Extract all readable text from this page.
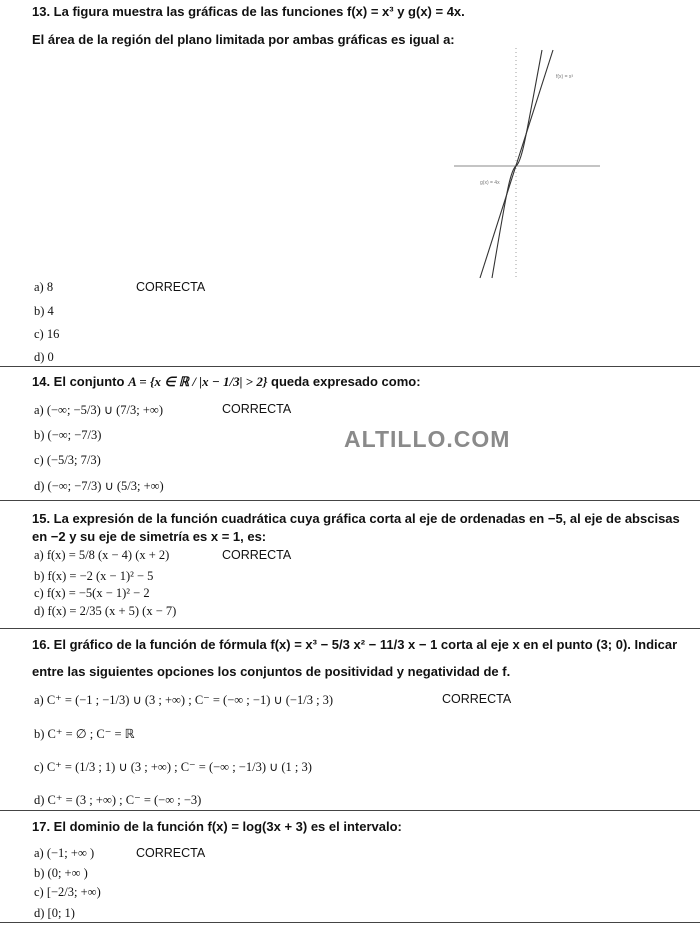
13. La figura muestra las gráficas de las funciones f(x) = x³ y g(x) = 4x.
El área de la región del plano limitada por ambas gráficas es igual a:
f(x) = x³
g(x) = 4x
a) 8	CORRECTA
b) 4
c) 16
d) 0
14. El conjunto A = {x ∈ ℝ / |x − 1/3| > 2} queda expresado como:
a) (−∞; −5/3) ∪ (7/3; +∞)	CORRECTA
b) (−∞; −7/3)
c) (−5/3; 7/3)
d) (−∞; −7/3) ∪ (5/3; +∞)
ALTILLO.COM
15. La expresión de la función cuadrática cuya gráfica corta al eje de ordenadas en −5, al eje de abscisas
en −2 y su eje de simetría es x = 1, es:
a) f(x) = 5/8 (x − 4) (x + 2)	CORRECTA
b) f(x) = −2 (x − 1)² − 5
c) f(x) = −5(x − 1)² − 2
d) f(x) = 2/35 (x + 5) (x − 7)
16. El gráfico de la función de fórmula f(x) = x³ − 5/3 x² − 11/3 x − 1 corta al eje x en el punto (3; 0). Indicar
entre las siguientes opciones los conjuntos de positividad y negatividad de f.
a) C⁺ = (−1 ; −1/3) ∪ (3 ; +∞) ; C⁻ = (−∞ ; −1) ∪ (−1/3 ; 3)	CORRECTA
b) C⁺ = ∅ ; C⁻ = ℝ
c) C⁺ = (1/3 ; 1) ∪ (3 ; +∞) ; C⁻ = (−∞ ; −1/3) ∪ (1 ; 3)
d) C⁺ = (3 ; +∞) ; C⁻ = (−∞ ; −3)
17. El dominio de la función f(x) = log(3x + 3) es el intervalo:
a) (−1; +∞ )	CORRECTA
b) (0; +∞ )
c) [−2/3; +∞)
d) [0; 1)
